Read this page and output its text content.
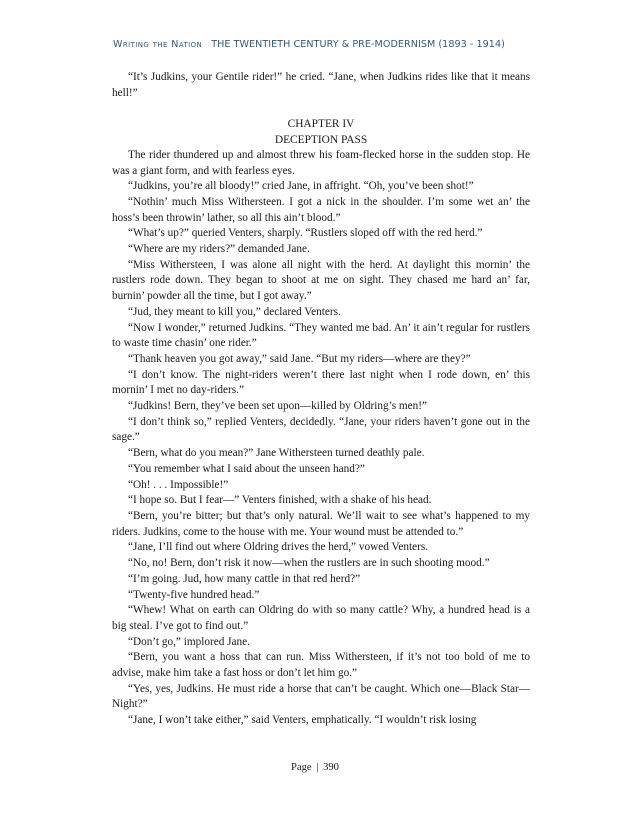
Writing the Nation THE TWENTIETH CENTURY & PRE-MODERNISM (1893 - 1914)

“It’s Judkins, your Gentile rider!” he cried. “Jane, when Judkins rides like that it means hell!”

CHAPTER IV
DECEPTION PASS

The rider thundered up and almost threw his foam-flecked horse in the sudden stop. He was a giant form, and with fearless eyes.

“Judkins, you’re all bloody!” cried Jane, in affright. “Oh, you’ve been shot!”

“Nothin’ much Miss Withersteen. I got a nick in the shoulder. I’m some wet an’ the hoss’s been throwin’ lather, so all this ain’t blood.”

“What’s up?” queried Venters, sharply. “Rustlers sloped off with the red herd.”

“Where are my riders?” demanded Jane.

“Miss Withersteen, I was alone all night with the herd. At daylight this mornin’ the rustlers rode down. They began to shoot at me on sight. They chased me hard an’ far, burnin’ powder all the time, but I got away.”

“Jud, they meant to kill you,” declared Venters.

“Now I wonder,” returned Judkins. “They wanted me bad. An’ it ain’t regular for rustlers to waste time chasin’ one rider.”

“Thank heaven you got away,” said Jane. “But my riders—where are they?”

“I don’t know. The night-riders weren’t there last night when I rode down, en’ this mornin’ I met no day-riders.”

“Judkins! Bern, they’ve been set upon—killed by Oldring’s men!”

“I don’t think so,” replied Venters, decidedly. “Jane, your riders haven’t gone out in the sage.”

“Bern, what do you mean?” Jane Withersteen turned deathly pale.

“You remember what I said about the unseen hand?”

“Oh! . . . Impossible!”

“I hope so. But I fear—” Venters finished, with a shake of his head.

“Bern, you’re bitter; but that’s only natural. We’ll wait to see what’s happened to my riders. Judkins, come to the house with me. Your wound must be attended to.”

“Jane, I’ll find out where Oldring drives the herd,” vowed Venters.

“No, no! Bern, don’t risk it now—when the rustlers are in such shooting mood.”

“I’m going. Jud, how many cattle in that red herd?”

“Twenty-five hundred head.”

“Whew! What on earth can Oldring do with so many cattle? Why, a hundred head is a big steal. I’ve got to find out.”

“Don’t go,” implored Jane.

“Bern, you want a hoss that can run. Miss Withersteen, if it’s not too bold of me to advise, make him take a fast hoss or don’t let him go.”

“Yes, yes, Judkins. He must ride a horse that can’t be caught. Which one—Black Star—Night?”

“Jane, I won’t take either,” said Venters, emphatically. “I wouldn’t risk losing

Page | 390
